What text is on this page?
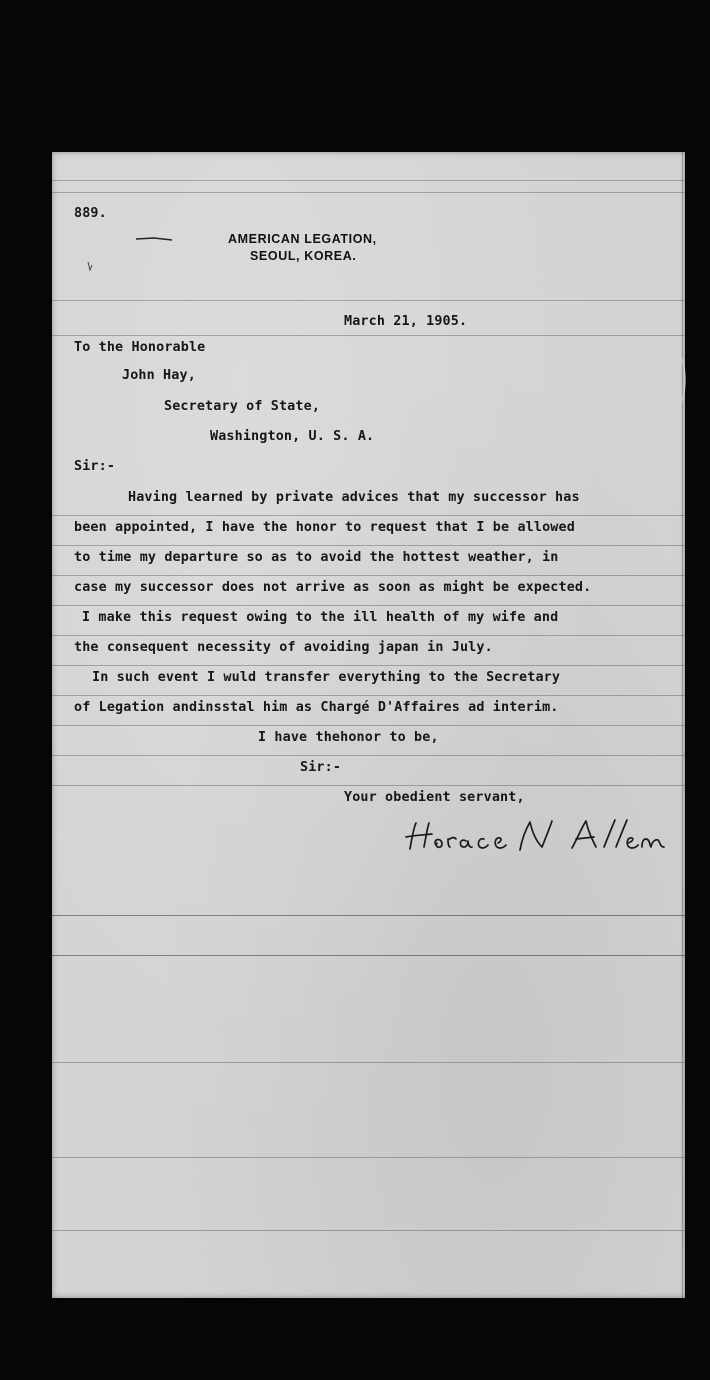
889.
AMERICAN LEGATION,
SEOUL, KOREA.
March 21, 1905.
To the Honorable
John Hay,
Secretary of State,
Washington, U. S. A.
Sir:-
Having learned by private advices that my successor has
been appointed, I have the honor to request that I be allowed
to time my departure so as to avoid the hottest weather, in
case my successor does not arrive as soon as might be expected.
I make this request owing to the ill health of my wife and
the consequent necessity of avoiding japan in July.
In such event I wuld transfer everything to the Secretary
of Legation andinsstal him as Chargé D'Affaires ad interim.
I have thehonor to be,
Sir:-
Your obedient servant,
